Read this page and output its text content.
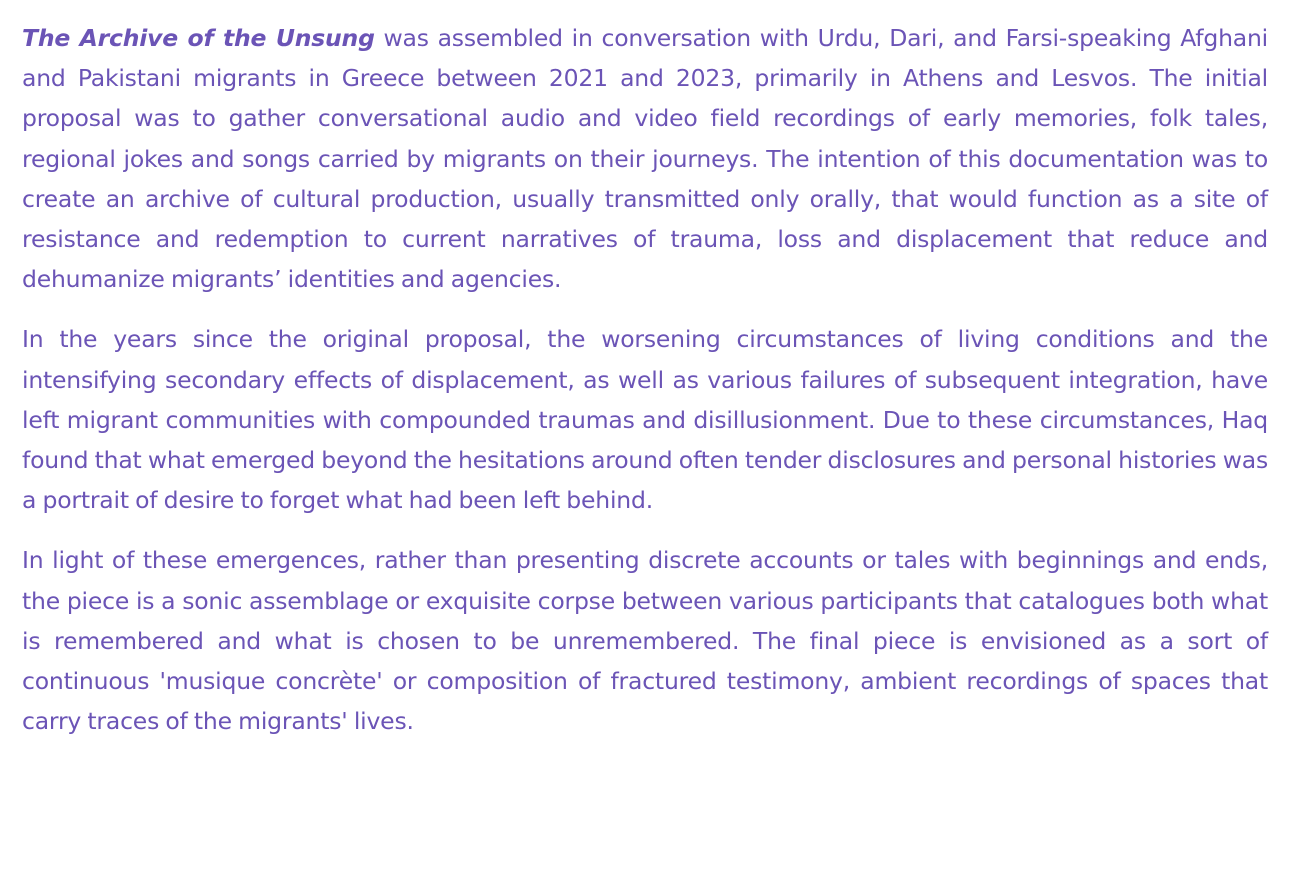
The Archive of the Unsung was assembled in conversation with Urdu, Dari, and Farsi-speaking Afghani and Pakistani migrants in Greece between 2021 and 2023, primarily in Athens and Lesvos. The initial proposal was to gather conversational audio and video field recordings of early memories, folk tales, regional jokes and songs carried by migrants on their journeys. The intention of this documentation was to create an archive of cultural production, usually transmitted only orally, that would function as a site of resistance and redemption to current narratives of trauma, loss and displacement that reduce and dehumanize migrants’ identities and agencies.

In the years since the original proposal, the worsening circumstances of living conditions and the intensifying secondary effects of displacement, as well as various failures of subsequent integration, have left migrant communities with compounded traumas and disillusionment. Due to these circumstances, Haq found that what emerged beyond the hesitations around often tender disclosures and personal histories was a portrait of desire to forget what had been left behind.

In light of these emergences, rather than presenting discrete accounts or tales with beginnings and ends, the piece is a sonic assemblage or exquisite corpse between various participants that catalogues both what is remembered and what is chosen to be unremembered. The final piece is envisioned as a sort of continuous 'musique concrète' or composition of fractured testimony, ambient recordings of spaces that carry traces of the migrants' lives.
